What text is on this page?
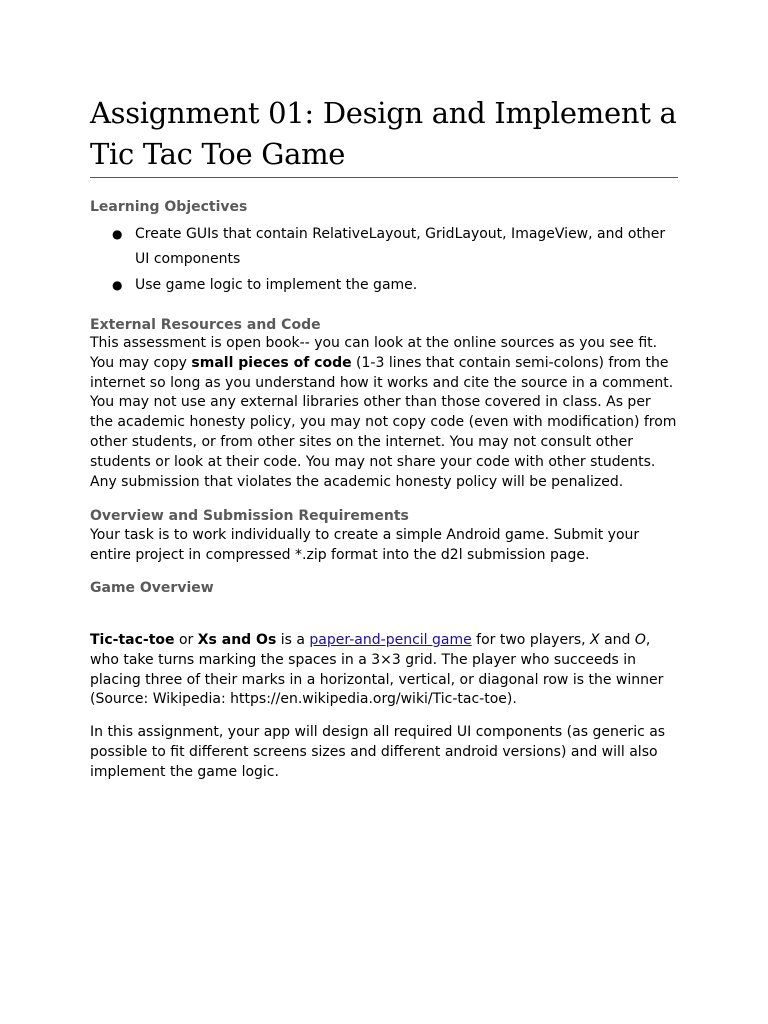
Assignment 01: Design and Implement a Tic Tac Toe Game
Learning Objectives
● Create GUIs that contain RelativeLayout, GridLayout, ImageView, and other UI components
● Use game logic to implement the game.
External Resources and Code

This assessment is open book-- you can look at the online sources as you see fit. You may copy small pieces of code (1-3 lines that contain semi-colons) from the internet so long as you understand how it works and cite the source in a comment. You may not use any external libraries other than those covered in class. As per the academic honesty policy, you may not copy code (even with modification) from other students, or from other sites on the internet. You may not consult other students or look at their code. You may not share your code with other students. Any submission that violates the academic honesty policy will be penalized.

Overview and Submission Requirements

Your task is to work individually to create a simple Android game. Submit your entire project in compressed *.zip format into the d2l submission page.

Game Overview

Tic-tac-toe or Xs and Os is a paper-and-pencil game for two players, X and O, who take turns marking the spaces in a 3×3 grid. The player who succeeds in placing three of their marks in a horizontal, vertical, or diagonal row is the winner (Source: Wikipedia: https://en.wikipedia.org/wiki/Tic-tac-toe).

In this assignment, your app will design all required UI components (as generic as possible to fit different screens sizes and different android versions) and will also implement the game logic.
